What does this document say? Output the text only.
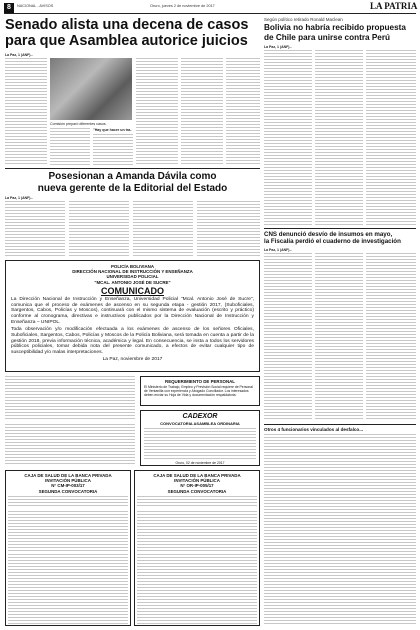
8	NACIONAL - AVISOS	Oruro, jueves 2 de noviembre de 2017	LA PATRIA
Senado alista una decena de casos
para que Asamblea autorice juicios
La Paz, 1 (ANF).-
Comisión preparó diferentes casos.
"Hay que hacer un tra-
Según político retirado Ronald Maclean
Bolivia no habría recibido propuesta
de Chile para unirse contra Perú
La Paz, 1 (ANF).-
Posesionan a Amanda Dávila como
nueva gerente de la Editorial del Estado
La Paz, 1 (ANF).-
CNS denunció desvío de insumos en mayo,
la Fiscalía perdió el cuaderno de investigación
La Paz, 1 (ANF).-
POLICÍA BOLIVIANA
DIRECCIÓN NACIONAL DE INSTRUCCIÓN Y ENSEÑANZA
UNIVERSIDAD POLICIAL
"MCAL. ANTONIO JOSÉ DE SUCRE"
COMUNICADO
La Dirección Nacional de Instrucción y Enseñanza, Universidad Policial "Mcal. Antonio José de Sucre", comunica que el proceso de exámenes de ascenso en su segunda etapa - gestión 2017, (Suboficiales, Sargentos, Cabos, Policías y Moscos), continuará con el mismo sistema de evaluación (escrito y práctico) conforme al cronograma, directivas e instructivos publicados por la Dirección Nacional de Instrucción y Enseñanza – UNIPOL.
Toda observación y/o modificación efectuada a los exámenes de ascenso de los señores Oficiales, Suboficiales, Sargentos, Cabos, Policías y Moscos de la Policía Boliviana, será tomada en cuenta a partir de la gestión 2018, previa información técnica, académica y legal. En consecuencia, se insta a todos los servidores públicos policiales, tomar debida nota del presente comunicado, a efectos de evitar cualquier tipo de susceptibilidad y/o malas interpretaciones.
La Paz, noviembre de 2017
REQUERIMIENTO DE PERSONAL
El Ministerio de Trabajo, Empleo y Previsión Social requiere de Personal de Ventanilla con experiencia y Abogado Conciliador. Los interesados deben enviar su Hoja de Vida y documentación respaldatoria.
CADEXOR
CONVOCATORIA ASAMBLEA ORDINARIA
Oruro, 02 de noviembre de 2017
Otros 4 funcionarios vinculados al desfalco...
CAJA DE SALUD DE LA BANCA PRIVADA
INVITACIÓN PÚBLICA
N° CM-IP-003/17
SEGUNDA CONVOCATORIA
CAJA DE SALUD DE LA BANCA PRIVADA
INVITACIÓN PÚBLICA
N° OR-IP-005/17
SEGUNDA CONVOCATORIA
